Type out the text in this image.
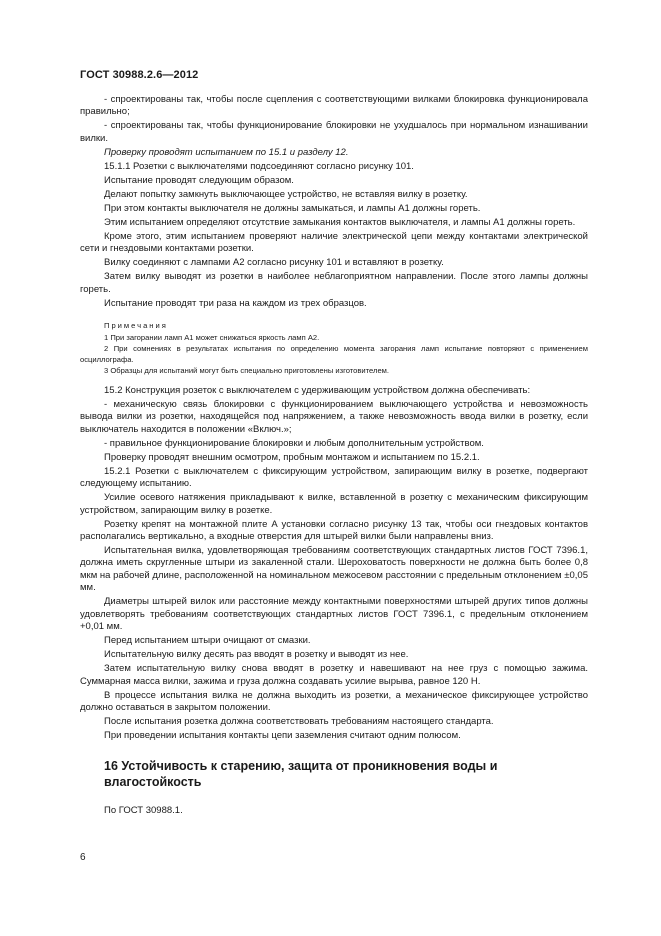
ГОСТ 30988.2.6—2012
- спроектированы так, чтобы после сцепления с соответствующими вилками блокировка функционировала правильно;
- спроектированы так, чтобы функционирование блокировки не ухудшалось при нормальном изнашивании вилки.
Проверку проводят испытанием по 15.1 и разделу 12.
15.1.1 Розетки с выключателями подсоединяют согласно рисунку 101.
Испытание проводят следующим образом.
Делают попытку замкнуть выключающее устройство, не вставляя вилку в розетку.
При этом контакты выключателя не должны замыкаться, и лампы А1 должны гореть.
Этим испытанием определяют отсутствие замыкания контактов выключателя, и лампы А1 должны гореть.
Кроме этого, этим испытанием проверяют наличие электрической цепи между контактами электрической сети и гнездовыми контактами розетки.
Вилку соединяют с лампами А2 согласно рисунку 101 и вставляют в розетку.
Затем вилку выводят из розетки в наиболее неблагоприятном направлении. После этого лампы должны гореть.
Испытание проводят три раза на каждом из трех образцов.
Примечания
1 При загорании ламп А1 может снижаться яркость ламп А2.
2 При сомнениях в результатах испытания по определению момента загорания ламп испытание повторяют с применением осциллографа.
3 Образцы для испытаний могут быть специально приготовлены изготовителем.
15.2 Конструкция розеток с выключателем с удерживающим устройством должна обеспечивать:
- механическую связь блокировки с функционированием выключающего устройства и невозможность вывода вилки из розетки, находящейся под напряжением, а также невозможность ввода вилки в розетку, если выключатель находится в положении «Включ.»;
- правильное функционирование блокировки и любым дополнительным устройством.
Проверку проводят внешним осмотром, пробным монтажом и испытанием по 15.2.1.
15.2.1 Розетки с выключателем с фиксирующим устройством, запирающим вилку в розетке, подвергают следующему испытанию.
Усилие осевого натяжения прикладывают к вилке, вставленной в розетку с механическим фиксирующим устройством, запирающим вилку в розетке.
Розетку крепят на монтажной плите А установки согласно рисунку 13 так, чтобы оси гнездовых контактов располагались вертикально, а входные отверстия для штырей вилки были направлены вниз.
Испытательная вилка, удовлетворяющая требованиям соответствующих стандартных листов ГОСТ 7396.1, должна иметь скругленные штыри из закаленной стали. Шероховатость поверхности не должна быть более 0,8 мкм на рабочей длине, расположенной на номинальном межосевом расстоянии с предельным отклонением ±0,05 мм.
Диаметры штырей вилок или расстояние между контактными поверхностями штырей других типов должны удовлетворять требованиям соответствующих стандартных листов ГОСТ 7396.1, с предельным отклонением +0,01 мм.
Перед испытанием штыри очищают от смазки.
Испытательную вилку десять раз вводят в розетку и выводят из нее.
Затем испытательную вилку снова вводят в розетку и навешивают на нее груз с помощью зажима. Суммарная масса вилки, зажима и груза должна создавать усилие вырыва, равное 120 Н.
В процессе испытания вилка не должна выходить из розетки, а механическое фиксирующее устройство должно оставаться в закрытом положении.
После испытания розетка должна соответствовать требованиям настоящего стандарта.
При проведении испытания контакты цепи заземления считают одним полюсом.
16 Устойчивость к старению, защита от проникновения воды и влагостойкость
По ГОСТ 30988.1.
6
